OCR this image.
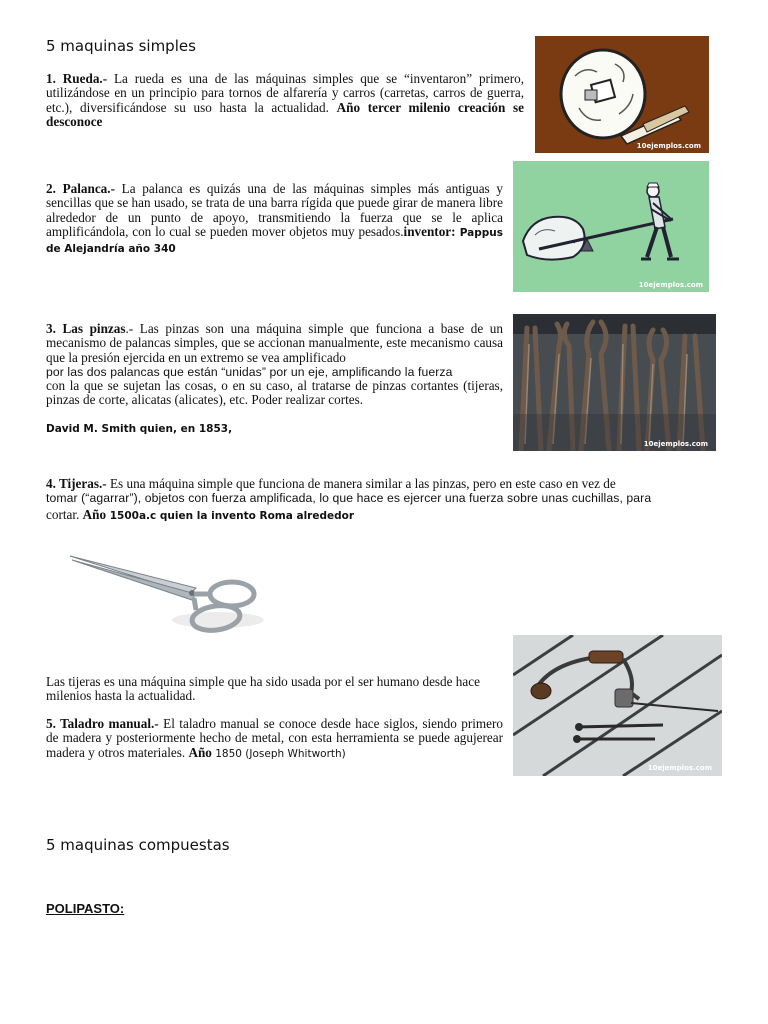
5 maquinas simples
1. Rueda.- La rueda es una de las máquinas simples que se “inventaron” primero, utilizándose en un principio para tornos de alfarería y carros (carretas, carros de guerra, etc.), diversificándose su uso hasta la actualidad. Año tercer milenio creación se desconoce
10ejemplos.com
2. Palanca.- La palanca es quizás una de las máquinas simples más antiguas y sencillas que se han usado, se trata de una barra rígida que puede girar de manera libre alrededor de un punto de apoyo, transmitiendo la fuerza que se le aplica amplificándola, con lo cual se pueden mover objetos muy pesados.inventor: Pappus de Alejandría año 340
10ejemplos.com
3. Las pinzas.- Las pinzas son una máquina simple que funciona a base de un mecanismo de palancas simples, que se accionan manualmente, este mecanismo causa que la presión ejercida en un extremo se vea amplificado
por las dos palancas que están “unidas” por un eje, amplificando la fuerza
con la que se sujetan las cosas, o en su caso, al tratarse de pinzas cortantes (tijeras, pinzas de corte, alicatas (alicates), etc. Poder realizar cortes.
David M. Smith quien, en 1853,
10ejemplos.com
4. Tijeras.- Es una máquina simple que funciona de manera similar a las pinzas, pero en este caso en vez de
tomar (“agarrar”), objetos con fuerza amplificada, lo que hace es ejercer una fuerza sobre unas cuchillas, para
cortar. Año 1500a.c quien la invento Roma alrededor
Las tijeras es una máquina simple que ha sido usada por el ser humano desde hace milenios hasta la actualidad.
5. Taladro manual.- El taladro manual se conoce desde hace siglos, siendo primero de madera y posteriormente hecho de metal, con esta herramienta se puede agujerear madera y otros materiales. Año 1850 (Joseph Whitworth)
10ejemplos.com
5 maquinas compuestas
POLIPASTO:
